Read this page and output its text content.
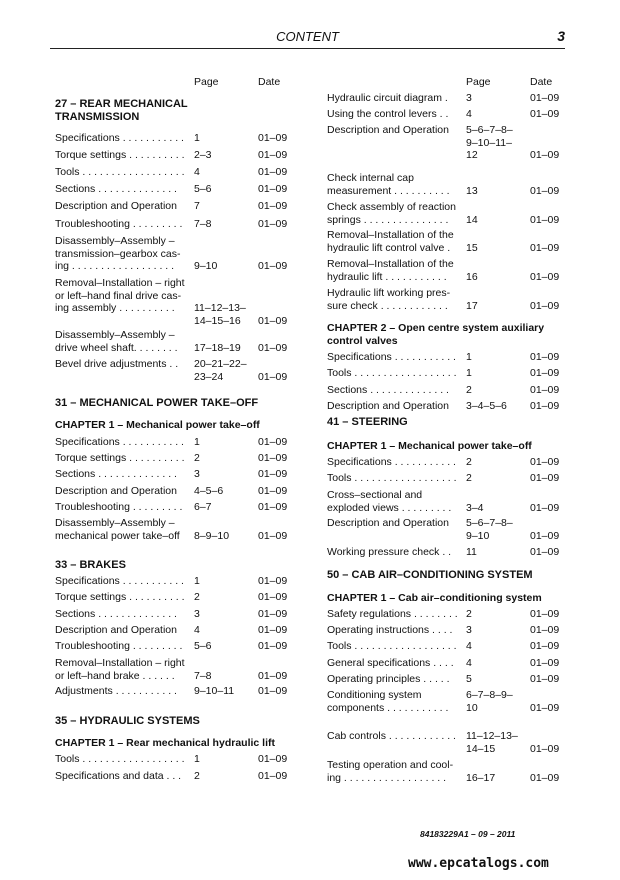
CONTENT	3
Page	Date	Page	Date
27 – REAR MECHANICAL
TRANSMISSION
Specifications . . . . . . . . . . . 1	01–09
Torque settings . . . . . . . . . . 2–3	01–09
Tools . . . . . . . . . . . . . . . . . . 4	01–09
Sections . . . . . . . . . . . . . .	5–6	01–09
Description and Operation	7	01–09
Troubleshooting . . . . . . . . .	7–8	01–09
Disassembly–Assembly –
transmission–gearbox cas-
ing . . . . . . . . . . . . . . . . . .	9–10	01–09
Removal–Installation – right
or left–hand final drive cas-
ing assembly . . . . . . . . . .	11–12–13–
14–15–16	01–09
Disassembly–Assembly –
drive wheel shaft. . . . . . . .	17–18–19 01–09
Bevel drive adjustments . .	20–21–22–
23–24	01–09
31 – MECHANICAL POWER TAKE–OFF
CHAPTER 1 – Mechanical power take–off
Specifications . . . . . . . . . . . 1	01–09
Torque settings . . . . . . . . . . 2	01–09
Sections . . . . . . . . . . . . . .	3	01–09
Description and Operation	4–5–6	01–09
Troubleshooting . . . . . . . . .	6–7	01–09
Disassembly–Assembly –
mechanical power take–off	8–9–10	01–09
33 – BRAKES
Specifications . . . . . . . . . . . 1	01–09
Torque settings . . . . . . . . . . 2	01–09
Sections . . . . . . . . . . . . . .	3	01–09
Description and Operation	4	01–09
Troubleshooting . . . . . . . . .	5–6	01–09
Removal–Installation – right
or left–hand brake . . . . . .	7–8	01–09
Adjustments . . . . . . . . . . .	9–10–11 01–09
35 – HYDRAULIC SYSTEMS
CHAPTER 1 – Rear mechanical hydraulic lift
Tools . . . . . . . . . . . . . . . . . . 1	01–09
Specifications and data . . .	2	01–09
Hydraulic circuit diagram .	3	01–09
Using the control levers . .	4	01–09
Description and Operation	5–6–7–8–
9–10–11–
12	01–09
Check internal cap
measurement . . . . . . . . . .	13	01–09
Check assembly of reaction
springs . . . . . . . . . . . . . . .	14	01–09
Removal–Installation of the
hydraulic lift control valve .	15	01–09
Removal–Installation of the
hydraulic lift . . . . . . . . . . .	16	01–09
Hydraulic lift working pres-
sure check . . . . . . . . . . . .	17	01–09
CHAPTER 2 – Open centre system auxiliary
control valves
Specifications . . . . . . . . . . . 1	01–09
Tools . . . . . . . . . . . . . . . . . . 1	01–09
Sections . . . . . . . . . . . . . .	2	01–09
Description and Operation	3–4–5–6 01–09
41 – STEERING
CHAPTER 1 – Mechanical power take–off
Specifications . . . . . . . . . . . 2	01–09
Tools . . . . . . . . . . . . . . . . . . 2	01–09
Cross–sectional and
exploded views . . . . . . . . .	3–4	01–09
Description and Operation	5–6–7–8–
9–10	01–09
Working pressure check . .	11	01–09
50 – CAB AIR–CONDITIONING SYSTEM
CHAPTER 1 – Cab air–conditioning system
Safety regulations . . . . . . . . 2	01–09
Operating instructions . . . .	3	01–09
Tools . . . . . . . . . . . . . . . . . . 4	01–09
General specifications . . . .	4	01–09
Operating principles . . . . .	5	01–09
Conditioning system
components . . . . . . . . . . .
6–7–8–9–
10	01–09
Cab controls . . . . . . . . . . . . 11–12–13–
14–15	01–09
Testing operation and cool-
ing . . . . . . . . . . . . . . . . . .	16–17	01–09
84183229A1 – 09 – 2011
www.epcatalogs.com
